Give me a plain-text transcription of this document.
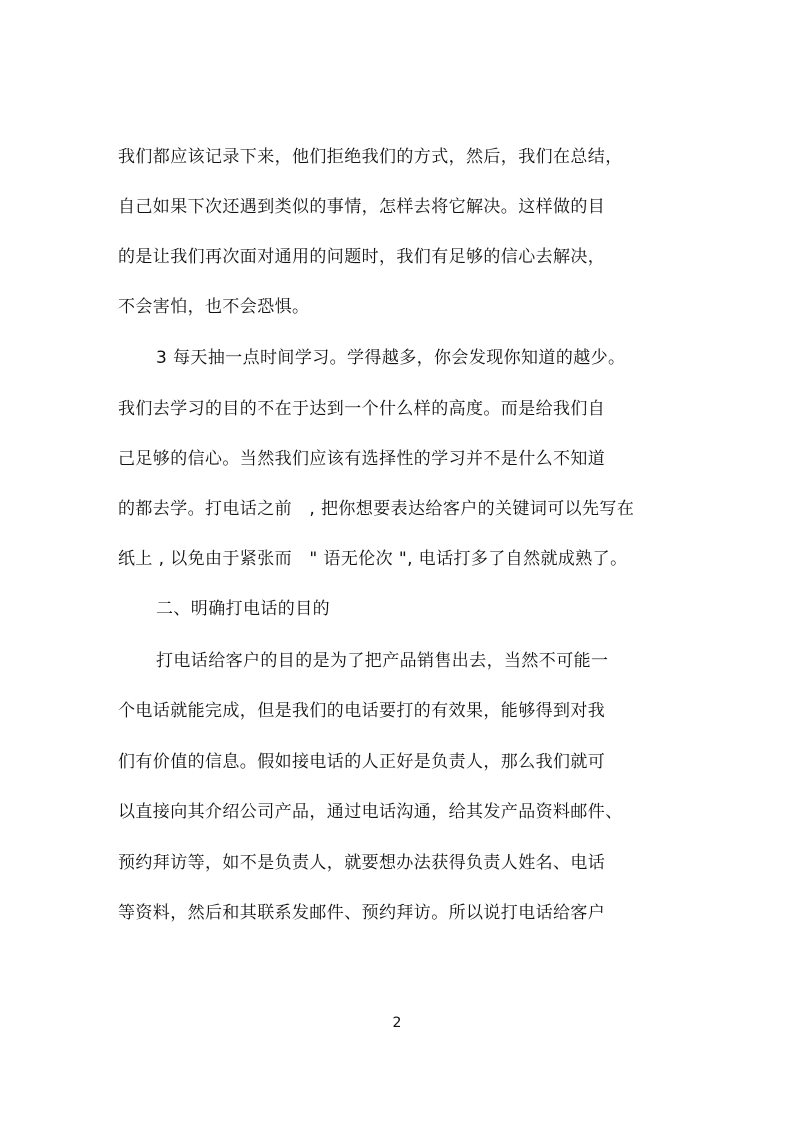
我们都应该记录下来，他们拒绝我们的方式，然后，我们在总结，
自己如果下次还遇到类似的事情，怎样去将它解决。这样做的目
的是让我们再次面对通用的问题时，我们有足够的信心去解决，
不会害怕，也不会恐惧。
3 每天抽一点时间学习。学得越多，你会发现你知道的越少。
我们去学习的目的不在于达到一个什么样的高度。而是给我们自
己足够的信心。当然我们应该有选择性的学习并不是什么不知道
的都去学。打电话之前   , 把你想要表达给客户的关键词可以先写在
纸上 , 以免由于紧张而   " 语无伦次 ", 电话打多了自然就成熟了。
二、明确打电话的目的
打电话给客户的目的是为了把产品销售出去，当然不可能一
个电话就能完成，但是我们的电话要打的有效果，能够得到对我
们有价值的信息。假如接电话的人正好是负责人，那么我们就可
以直接向其介绍公司产品，通过电话沟通，给其发产品资料邮件、
预约拜访等，如不是负责人，就要想办法获得负责人姓名、电话
等资料，然后和其联系发邮件、预约拜访。所以说打电话给客户
2
